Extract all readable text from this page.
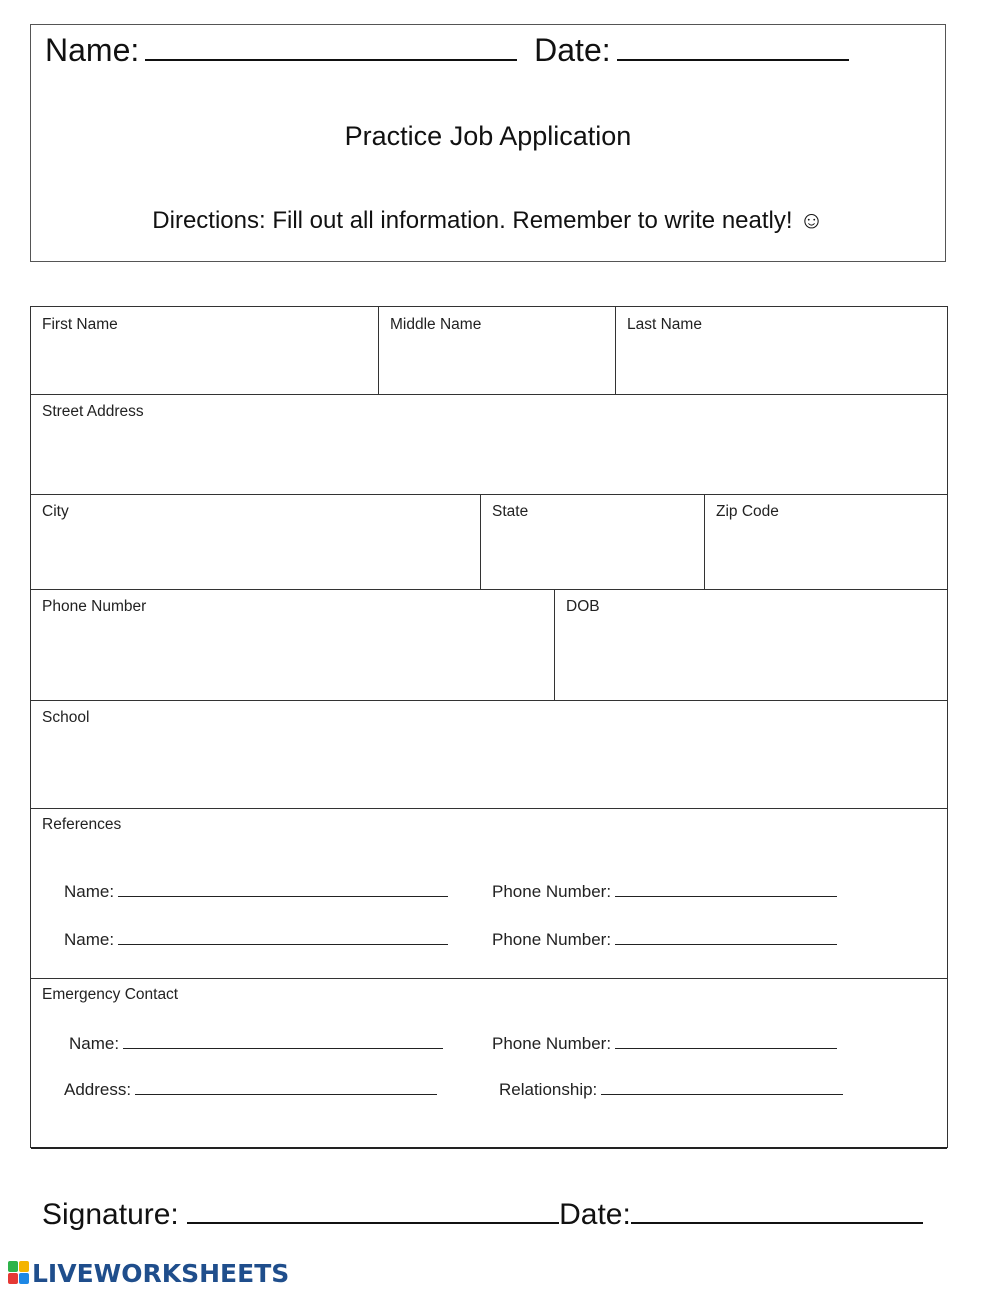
Name:	Date:
Practice Job Application
Directions: Fill out all information. Remember to write neatly! ☺
First Name	Middle Name	Last Name
Street Address
City	State	Zip Code
Phone Number	DOB
School
References
Name:	Phone Number:
Name:	Phone Number:
Emergency Contact
Name:	Phone Number:
Address:	Relationship:
Signature:	Date:
LIVEWORKSHEETS
